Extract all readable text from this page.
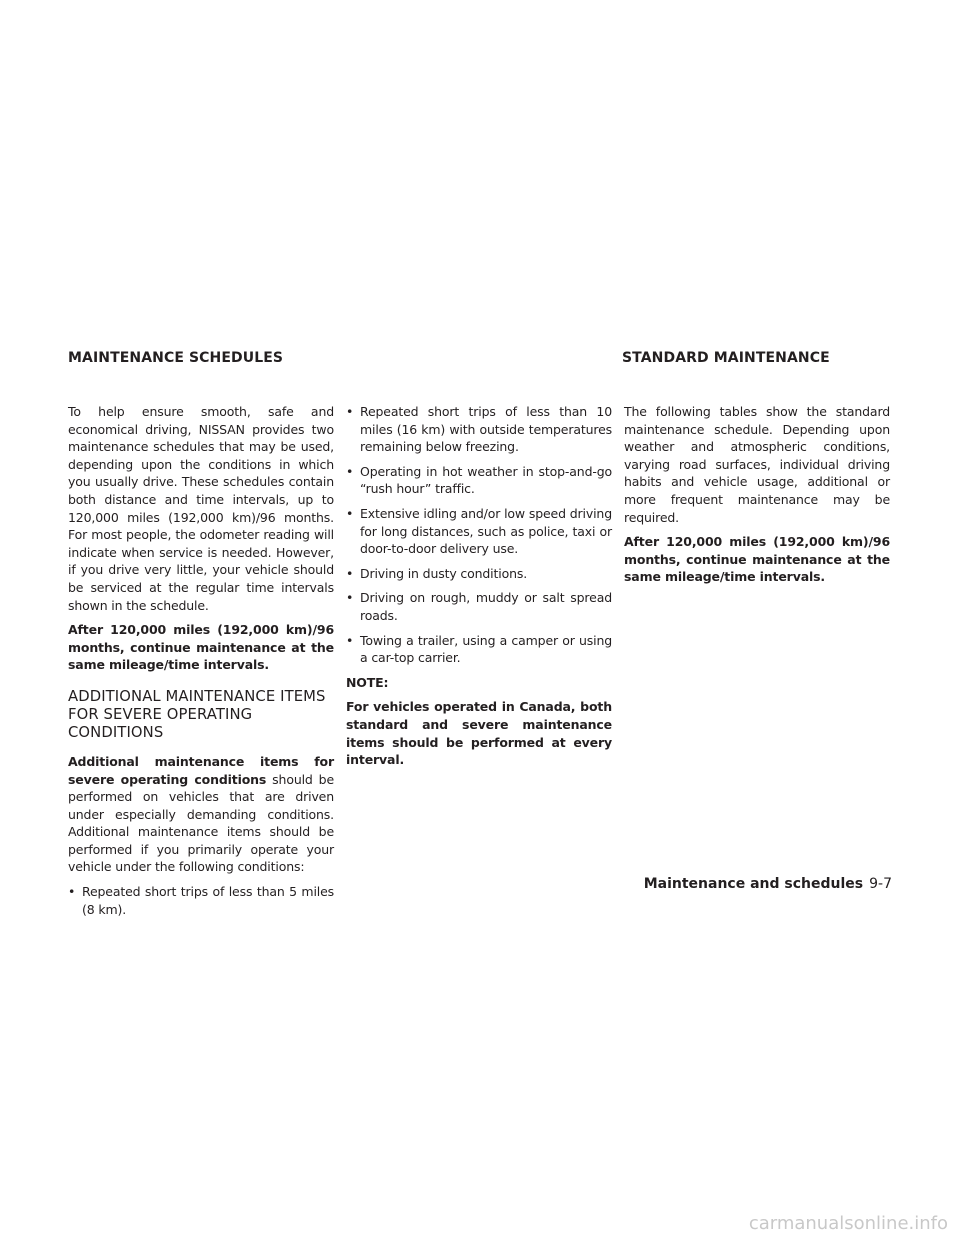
MAINTENANCE SCHEDULES	STANDARD MAINTENANCE

To help ensure smooth, safe and economical driving, NISSAN provides two maintenance schedules that may be used, depending upon the conditions in which you usually drive. These schedules contain both distance and time intervals, up to 120,000 miles (192,000 km)/96 months. For most people, the odometer reading will indicate when service is needed. However, if you drive very little, your vehicle should be serviced at the regular time intervals shown in the schedule.

After 120,000 miles (192,000 km)/96 months, continue maintenance at the same mileage/time intervals.

ADDITIONAL MAINTENANCE ITEMS FOR SEVERE OPERATING CONDITIONS

Additional maintenance items for severe operating conditions should be performed on vehicles that are driven under especially demanding conditions. Additional maintenance items should be performed if you primarily operate your vehicle under the following conditions:

• Repeated short trips of less than 5 miles (8 km).
• Repeated short trips of less than 10 miles (16 km) with outside temperatures remaining below freezing.
• Operating in hot weather in stop-and-go “rush hour” traffic.
• Extensive idling and/or low speed driving for long distances, such as police, taxi or door-to-door delivery use.
• Driving in dusty conditions.
• Driving on rough, muddy or salt spread roads.
• Towing a trailer, using a camper or using a car-top carrier.

NOTE:

For vehicles operated in Canada, both standard and severe maintenance items should be performed at every interval.

The following tables show the standard maintenance schedule. Depending upon weather and atmospheric conditions, varying road surfaces, individual driving habits and vehicle usage, additional or more frequent maintenance may be required.

After 120,000 miles (192,000 km)/96 months, continue maintenance at the same mileage/time intervals.

Maintenance and schedules 9-7
carmanualsonline.info
